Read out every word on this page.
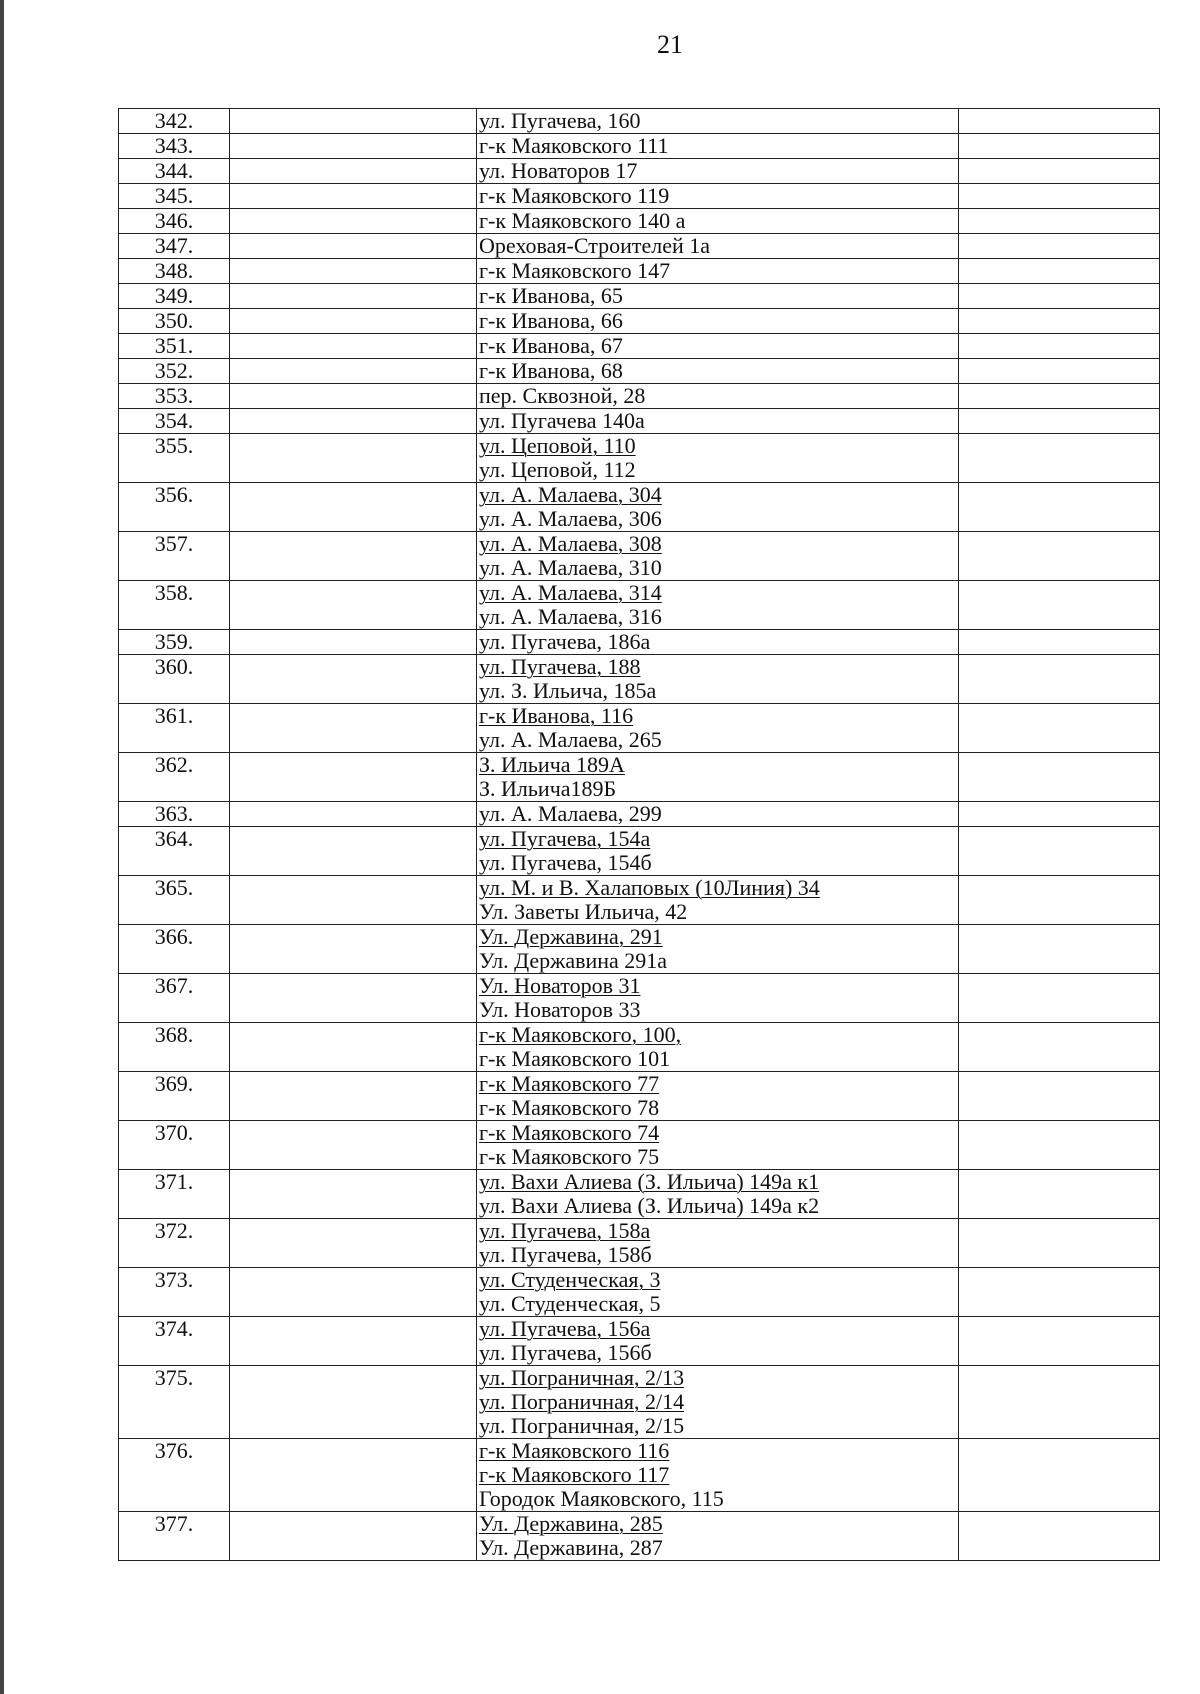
21
342.		ул. Пугачева, 160	

343.		г-к Маяковского 111	

344.		ул. Новаторов 17	

345.		г-к Маяковского 119	

346.		г-к Маяковского 140 а	

347.		Ореховая-Строителей 1а	

348.		г-к Маяковского 147	

349.		г-к Иванова, 65	

350.		г-к Иванова, 66	

351.		г-к Иванова, 67	

352.		г-к Иванова, 68	

353.		пер. Сквозной, 28	

354.		ул. Пугачева 140а	

355.		ул. Цеповой, 110
ул. Цеповой, 112	

356.		ул. А. Малаева, 304
ул. А. Малаева, 306	

357.		ул. А. Малаева, 308
ул. А. Малаева, 310	

358.		ул. А. Малаева, 314
ул. А. Малаева, 316	

359.		ул. Пугачева, 186а	

360.		ул. Пугачева, 188
ул. З. Ильича, 185а	

361.		г-к Иванова, 116
ул. А. Малаева, 265	

362.		З. Ильича 189А
З. Ильича189Б	

363.		ул. А. Малаева, 299	

364.		ул. Пугачева, 154а
ул. Пугачева, 154б	

365.		ул. М. и В. Халаповых (10Линия) 34
Ул. Заветы Ильича, 42	

366.		Ул. Державина, 291
Ул. Державина 291а	

367.		Ул. Новаторов 31
Ул. Новаторов 33	

368.		г-к Маяковского, 100,
г-к Маяковского 101	

369.		г-к Маяковского 77
г-к Маяковского 78	

370.		г-к Маяковского 74
г-к Маяковского 75	

371.		ул. Вахи Алиева (З. Ильича) 149а к1
ул. Вахи Алиева (З. Ильича) 149а к2	

372.		ул. Пугачева, 158а
ул. Пугачева, 158б	

373.		ул. Студенческая, 3
ул. Студенческая, 5	

374.		ул. Пугачева, 156а
ул. Пугачева, 156б	

375.		ул. Пограничная, 2/13
ул. Пограничная, 2/14
ул. Пограничная, 2/15	

376.		г-к Маяковского 116
г-к Маяковского 117
Городок Маяковского, 115	

377.		Ул. Державина, 285
Ул. Державина, 287	
